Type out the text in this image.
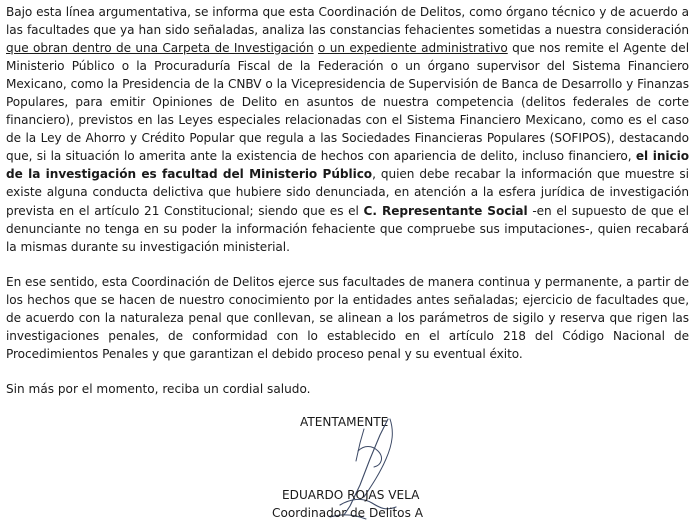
Bajo esta línea argumentativa, se informa que esta Coordinación de Delitos, como órgano técnico y de acuerdo a las facultades que ya han sido señaladas, analiza las constancias fehacientes sometidas a nuestra consideración que obran dentro de una Carpeta de Investigación o un expediente administrativo que nos remite el Agente del Ministerio Público o la Procuraduría Fiscal de la Federación o un órgano supervisor del Sistema Financiero Mexicano, como la Presidencia de la CNBV o la Vicepresidencia de Supervisión de Banca de Desarrollo y Finanzas Populares, para emitir Opiniones de Delito en asuntos de nuestra competencia (delitos federales de corte financiero), previstos en las Leyes especiales relacionadas con el Sistema Financiero Mexicano, como es el caso de la Ley de Ahorro y Crédito Popular que regula a las Sociedades Financieras Populares (SOFIPOS), destacando que, si la situación lo amerita ante la existencia de hechos con apariencia de delito, incluso financiero, el inicio de la investigación es facultad del Ministerio Público, quien debe recabar la información que muestre si existe alguna conducta delictiva que hubiere sido denunciada, en atención a la esfera jurídica de investigación prevista en el artículo 21 Constitucional; siendo que es el C. Representante Social -en el supuesto de que el denunciante no tenga en su poder la información fehaciente que compruebe sus imputaciones-, quien recabará la mismas durante su investigación ministerial.

En ese sentido, esta Coordinación de Delitos ejerce sus facultades de manera continua y permanente, a partir de los hechos que se hacen de nuestro conocimiento por la entidades antes señaladas; ejercicio de facultades que, de acuerdo con la naturaleza penal que conllevan, se alinean a los parámetros de sigilo y reserva que rigen las investigaciones penales, de conformidad con lo establecido en el artículo 218 del Código Nacional de Procedimientos Penales y que garantizan el debido proceso penal y su eventual éxito.

Sin más por el momento, reciba un cordial saludo.

ATENTAMENTE
EDUARDO ROJAS VELA
Coordinador de Delitos A
